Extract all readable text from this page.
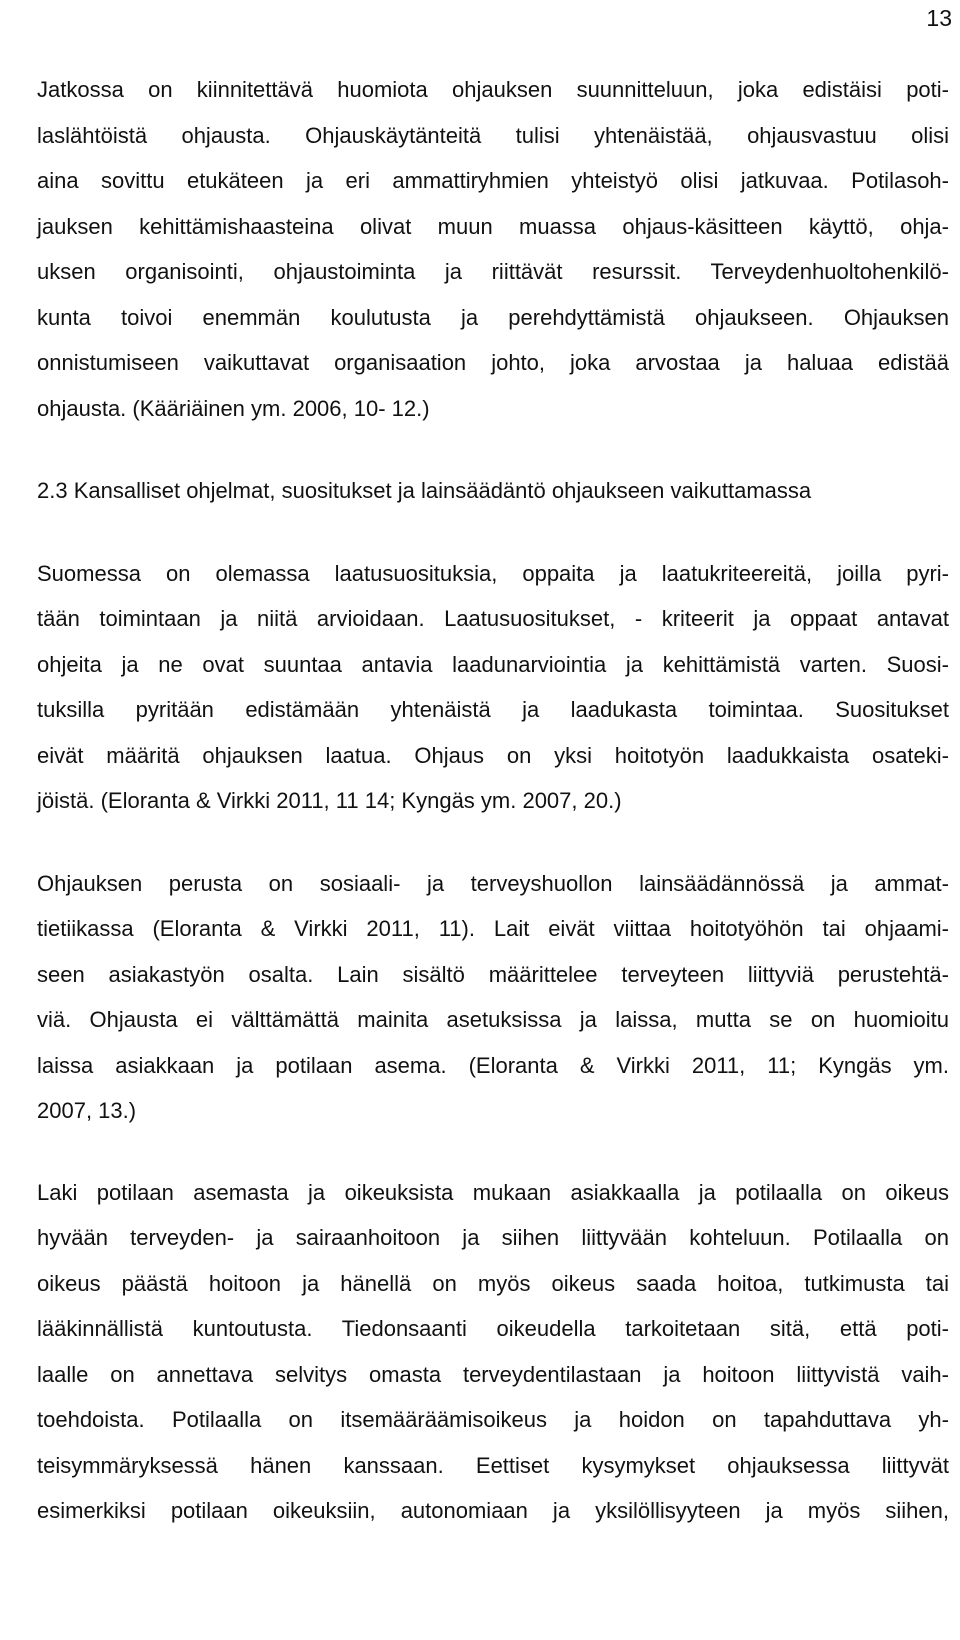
13
Jatkossa on kiinnitettävä huomiota ohjauksen suunnitteluun, joka edistäisi poti-
laslähtöistä ohjausta. Ohjauskäytänteitä tulisi yhtenäistää, ohjausvastuu olisi
aina sovittu etukäteen ja eri ammattiryhmien yhteistyö olisi jatkuvaa. Potilasoh-
jauksen kehittämishaasteina olivat muun muassa ohjaus-käsitteen käyttö, ohja-
uksen organisointi, ohjaustoiminta ja riittävät resurssit. Terveydenhuoltohenkilö-
kunta toivoi enemmän koulutusta ja perehdyttämistä ohjaukseen. Ohjauksen
onnistumiseen vaikuttavat organisaation johto, joka arvostaa ja haluaa edistää
ohjausta. (Kääriäinen ym. 2006, 10- 12.)
2.3 Kansalliset ohjelmat, suositukset ja lainsäädäntö ohjaukseen vaikuttamassa
Suomessa on olemassa laatusuosituksia, oppaita ja laatukriteereitä, joilla pyri-
tään toimintaan ja niitä arvioidaan. Laatusuositukset, - kriteerit ja oppaat antavat
ohjeita ja ne ovat suuntaa antavia laadunarviointia ja kehittämistä varten. Suosi-
tuksilla pyritään edistämään yhtenäistä ja laadukasta toimintaa. Suositukset
eivät määritä ohjauksen laatua. Ohjaus on yksi hoitotyön laadukkaista osateki-
jöistä. (Eloranta & Virkki 2011, 11 14; Kyngäs ym. 2007, 20.)
Ohjauksen perusta on sosiaali- ja terveyshuollon lainsäädännössä ja ammat-
tietiikassa (Eloranta & Virkki 2011, 11). Lait eivät viittaa hoitotyöhön tai ohjaami-
seen asiakastyön osalta. Lain sisältö määrittelee terveyteen liittyviä perustehtä-
viä. Ohjausta ei välttämättä mainita asetuksissa ja laissa, mutta se on huomioitu
laissa asiakkaan ja potilaan asema. (Eloranta & Virkki 2011, 11; Kyngäs ym.
2007, 13.)
Laki potilaan asemasta ja oikeuksista mukaan asiakkaalla ja potilaalla on oikeus
hyvään terveyden- ja sairaanhoitoon ja siihen liittyvään kohteluun. Potilaalla on
oikeus päästä hoitoon ja hänellä on myös oikeus saada hoitoa, tutkimusta tai
lääkinnällistä kuntoutusta. Tiedonsaanti oikeudella tarkoitetaan sitä, että poti-
laalle on annettava selvitys omasta terveydentilastaan ja hoitoon liittyvistä vaih-
toehdoista. Potilaalla on itsemääräämisoikeus ja hoidon on tapahduttava yh-
teisymmäryksessä hänen kanssaan. Eettiset kysymykset ohjauksessa liittyvät
esimerkiksi potilaan oikeuksiin, autonomiaan ja yksilöllisyyteen ja myös siihen,
